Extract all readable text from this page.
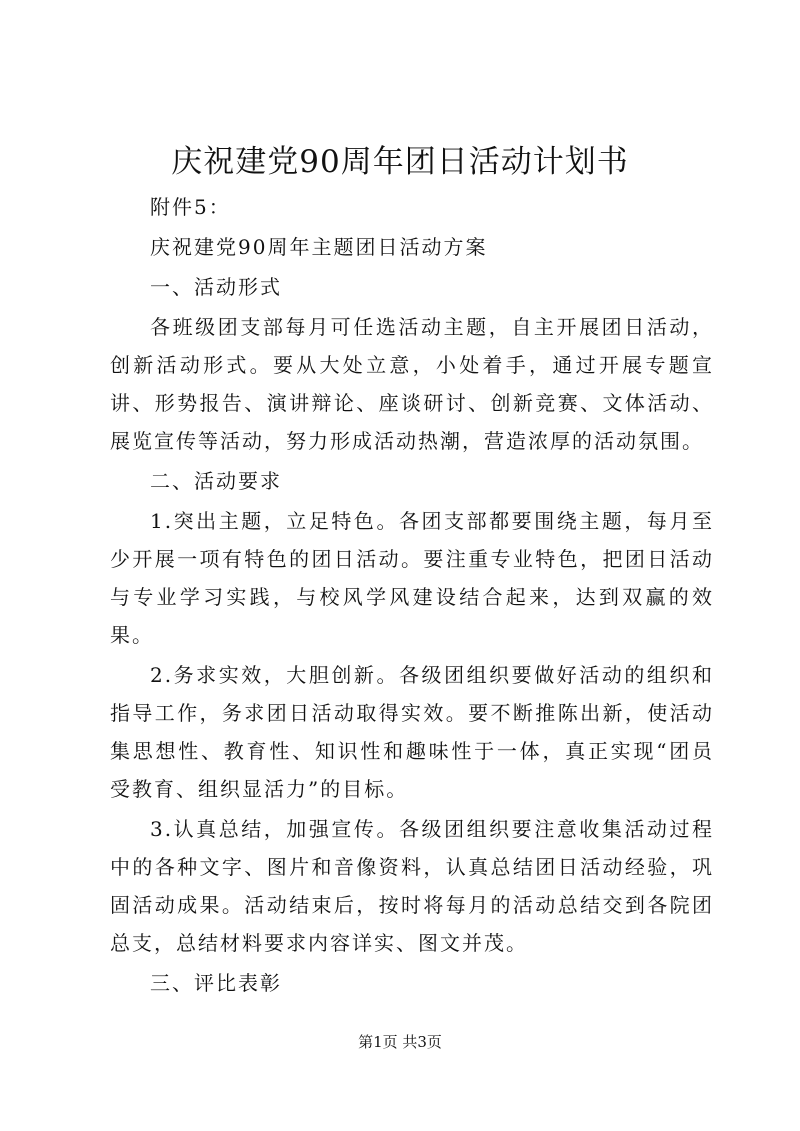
庆祝建党90周年团日活动计划书

附件5：

庆祝建党90周年主题团日活动方案

一、活动形式

各班级团支部每月可任选活动主题，自主开展团日活动，创新活动形式。要从大处立意，小处着手，通过开展专题宣讲、形势报告、演讲辩论、座谈研讨、创新竞赛、文体活动、展览宣传等活动，努力形成活动热潮，营造浓厚的活动氛围。

二、活动要求

1.突出主题，立足特色。各团支部都要围绕主题，每月至少开展一项有特色的团日活动。要注重专业特色，把团日活动与专业学习实践，与校风学风建设结合起来，达到双赢的效果。

2.务求实效，大胆创新。各级团组织要做好活动的组织和指导工作，务求团日活动取得实效。要不断推陈出新，使活动集思想性、教育性、知识性和趣味性于一体，真正实现“团员受教育、组织显活力”的目标。

3.认真总结，加强宣传。各级团组织要注意收集活动过程中的各种文字、图片和音像资料，认真总结团日活动经验，巩固活动成果。活动结束后，按时将每月的活动总结交到各院团总支，总结材料要求内容详实、图文并茂。

三、评比表彰

第1页 共3页
